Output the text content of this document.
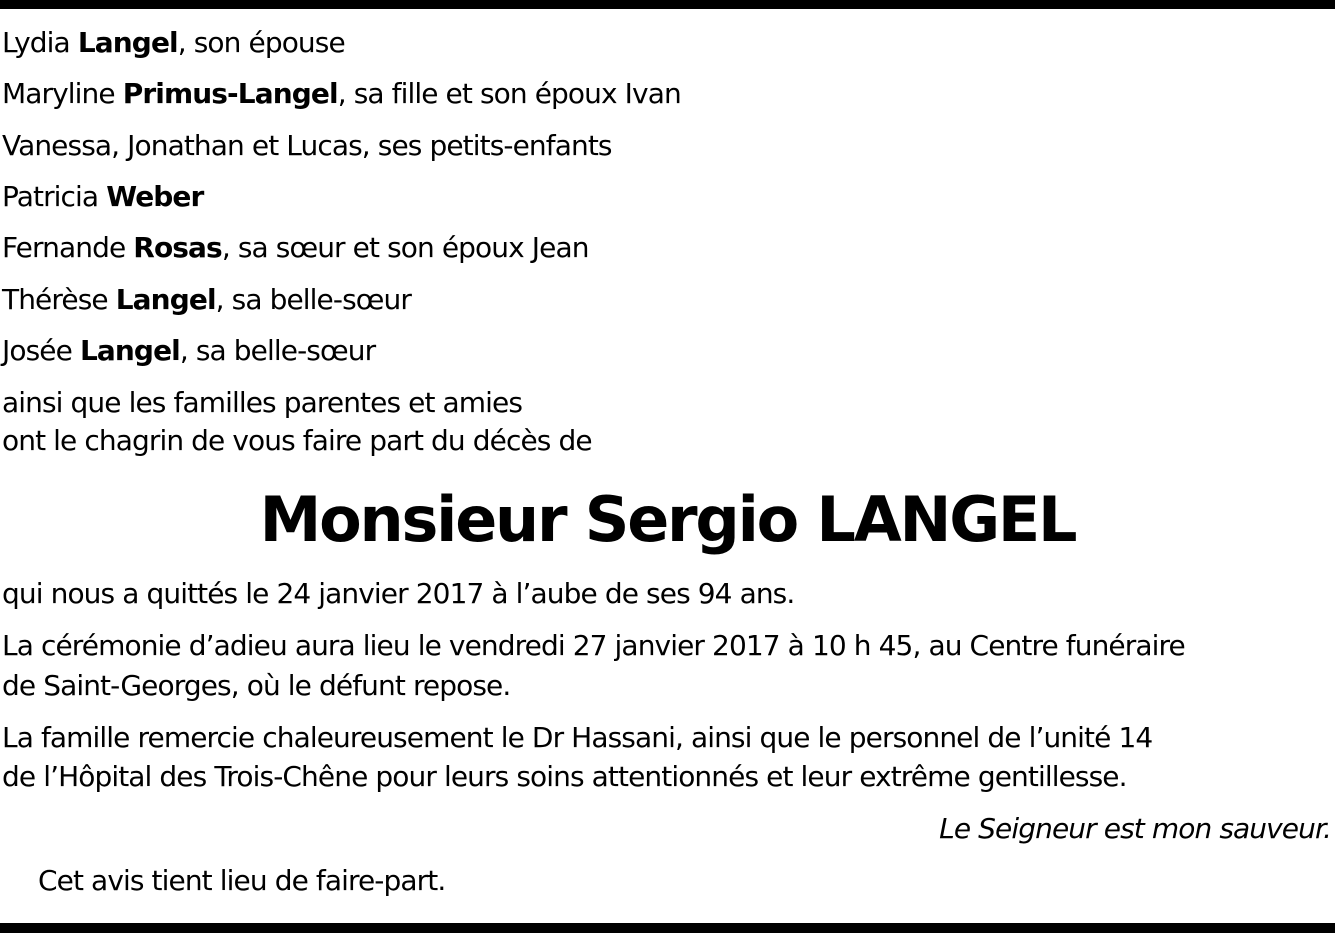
Lydia Langel, son épouse
Maryline Primus-Langel, sa fille et son époux Ivan
Vanessa, Jonathan et Lucas, ses petits-enfants
Patricia Weber
Fernande Rosas, sa sœur et son époux Jean
Thérèse Langel, sa belle-sœur
Josée Langel, sa belle-sœur
ainsi que les familles parentes et amies
ont le chagrin de vous faire part du décès de
Monsieur Sergio LANGEL
qui nous a quittés le 24 janvier 2017 à l’aube de ses 94 ans.
La cérémonie d’adieu aura lieu le vendredi 27 janvier 2017 à 10 h 45, au Centre funéraire
de Saint-Georges, où le défunt repose.
La famille remercie chaleureusement le Dr Hassani, ainsi que le personnel de l’unité 14
de l’Hôpital des Trois-Chêne pour leurs soins attentionnés et leur extrême gentillesse.
Le Seigneur est mon sauveur.
Cet avis tient lieu de faire-part.
